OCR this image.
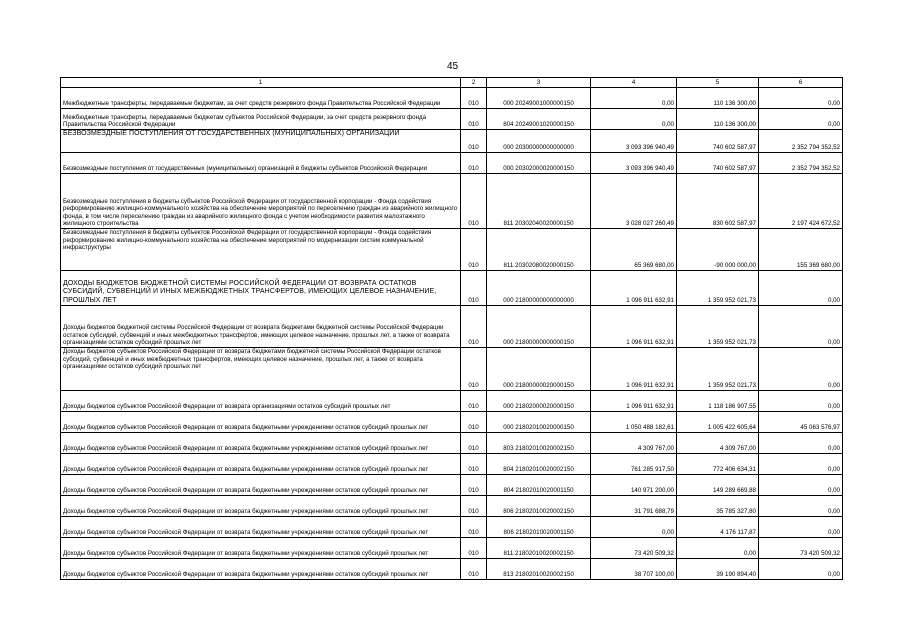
45
1	2	3	4	5	6
Межбюджетные трансферты, передаваемые бюджетам, за счет средств резервного фонда Правительства Российской Федерации	010	000 20249001000000150	0,00	110 136 300,00	0,00
Межбюджетные трансферты, передаваемые бюджетам субъектов Российской Федерации, за счет средств резервного фонда Правительства Российской Федерации	010	804 20249001020000150	0,00	110 136 300,00	0,00
БЕЗВОЗМЕЗДНЫЕ ПОСТУПЛЕНИЯ ОТ ГОСУДАРСТВЕННЫХ (МУНИЦИПАЛЬНЫХ) ОРГАНИЗАЦИЙ	010	000 20300000000000000	3 093 396 940,49	740 602 587,97	2 352 794 352,52
Безвозмездные поступления от государственных (муниципальных) организаций в бюджеты субъектов Российской Федерации	010	000 20302000020000150	3 093 396 940,49	740 602 587,97	2 352 794 352,52
Безвозмездные поступления в бюджеты субъектов Российской Федерации от государственной корпорации - Фонда содействия реформированию жилищно-коммунального хозяйства на обеспечение мероприятий по переселению граждан из аварийного жилищного фонда, в том числе переселению граждан из аварийного жилищного фонда с учетом необходимости развития малоэтажного жилищного строительства	010	811 20302040020000150	3 028 027 260,49	830 602 587,97	2 197 424 672,52
Безвозмездные поступления в бюджеты субъектов Российской Федерации от государственной корпорации - Фонда содействия реформированию жилищно-коммунального хозяйства на обеспечение мероприятий по модернизации систем коммунальной инфраструктуры	010	811 20302080020000150	65 369 680,00	-90 000 000,00	155 369 680,00
ДОХОДЫ БЮДЖЕТОВ БЮДЖЕТНОЙ СИСТЕМЫ РОССИЙСКОЙ ФЕДЕРАЦИИ ОТ ВОЗВРАТА ОСТАТКОВ СУБСИДИЙ, СУБВЕНЦИЙ И ИНЫХ МЕЖБЮДЖЕТНЫХ ТРАНСФЕРТОВ, ИМЕЮЩИХ ЦЕЛЕВОЕ НАЗНАЧЕНИЕ, ПРОШЛЫХ ЛЕТ	010	000 21800000000000000	1 096 911 632,91	1 359 952 021,73	0,00
Доходы бюджетов бюджетной системы Российской Федерации от возврата бюджетами бюджетной системы Российской Федерации остатков субсидий, субвенций и иных межбюджетных трансфертов, имеющих целевое назначение, прошлых лет, а также от возврата организациями остатков субсидий прошлых лет	010	000 21800000000000150	1 096 911 632,91	1 359 952 021,73	0,00
Доходы бюджетов субъектов Российской Федерации от возврата бюджетами бюджетной системы Российской Федерации остатков субсидий, субвенций и иных межбюджетных трансфертов, имеющих целевое назначение, прошлых лет, а также от возврата организациями остатков субсидий прошлых лет	010	000 21800000020000150	1 096 911 632,91	1 359 952 021,73	0,00
Доходы бюджетов субъектов Российской Федерации от возврата организациями остатков субсидий прошлых лет	010	000 21802000020000150	1 096 911 632,91	1 118 186 907,55	0,00
Доходы бюджетов субъектов Российской Федерации от возврата бюджетными учреждениями остатков субсидий прошлых лет	010	000 21802010020000150	1 050 488 182,61	1 005 422 605,64	45 063 576,97
Доходы бюджетов субъектов Российской Федерации от возврата бюджетными учреждениями остатков субсидий прошлых лет	010	803 21802010020002150	4 309 767,00	4 309 767,00	0,00
Доходы бюджетов субъектов Российской Федерации от возврата бюджетными учреждениями остатков субсидий прошлых лет	010	804 21802010020002150	761 285 917,50	772 406 634,31	0,00
Доходы бюджетов субъектов Российской Федерации от возврата бюджетными учреждениями остатков субсидий прошлых лет	010	804 21802010020001150	140 971 200,00	149 289 669,88	0,00
Доходы бюджетов субъектов Российской Федерации от возврата бюджетными учреждениями остатков субсидий прошлых лет	010	806 21802010020002150	31 791 688,79	35 785 327,80	0,00
Доходы бюджетов субъектов Российской Федерации от возврата бюджетными учреждениями остатков субсидий прошлых лет	010	806 21802010020001150	0,00	4 176 117,87	0,00
Доходы бюджетов субъектов Российской Федерации от возврата бюджетными учреждениями остатков субсидий прошлых лет	010	811 21802010020002150	73 420 509,32	0,00	73 420 509,32
Доходы бюджетов субъектов Российской Федерации от возврата бюджетными учреждениями остатков субсидий прошлых лет	010	813 21802010020002150	38 707 100,00	39 190 894,40	0,00
